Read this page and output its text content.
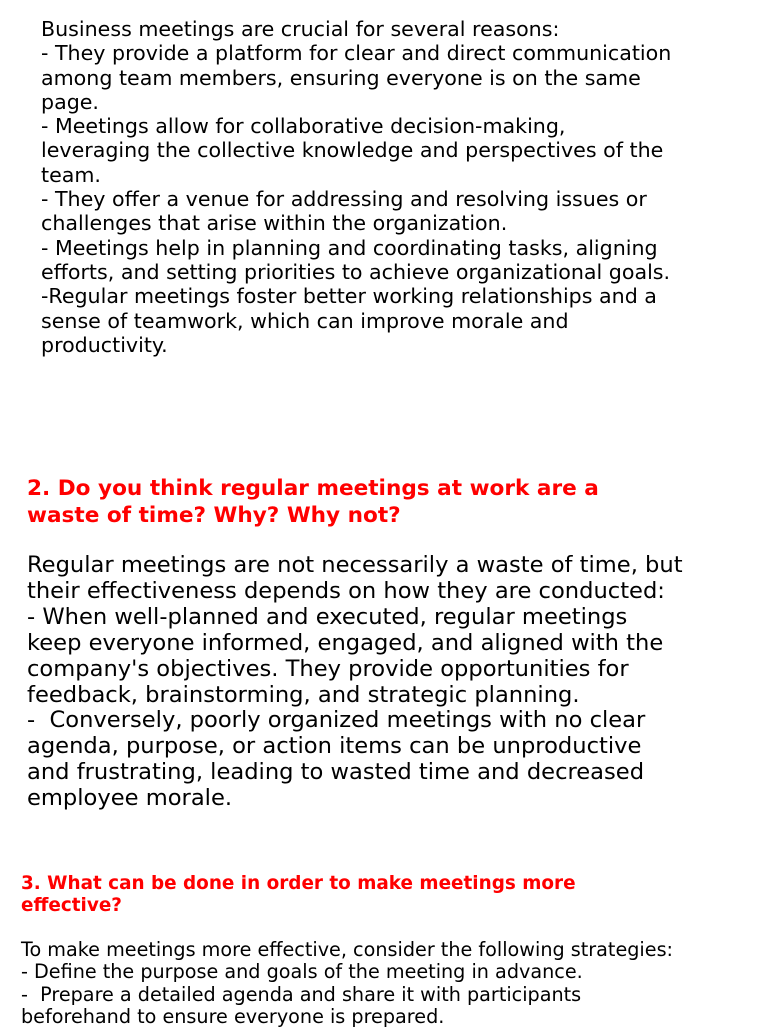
Business meetings are crucial for several reasons:
- They provide a platform for clear and direct communication
among team members, ensuring everyone is on the same
page.
- Meetings allow for collaborative decision-making,
leveraging the collective knowledge and perspectives of the
team.
- They offer a venue for addressing and resolving issues or
challenges that arise within the organization.
- Meetings help in planning and coordinating tasks, aligning
efforts, and setting priorities to achieve organizational goals.
-Regular meetings foster better working relationships and a
sense of teamwork, which can improve morale and
productivity.
2. Do you think regular meetings at work are a
waste of time? Why? Why not?
Regular meetings are not necessarily a waste of time, but
their effectiveness depends on how they are conducted:
- When well-planned and executed, regular meetings
keep everyone informed, engaged, and aligned with the
company's objectives. They provide opportunities for
feedback, brainstorming, and strategic planning.
-  Conversely, poorly organized meetings with no clear
agenda, purpose, or action items can be unproductive
and frustrating, leading to wasted time and decreased
employee morale.
3. What can be done in order to make meetings more
effective?
To make meetings more effective, consider the following strategies:
- Define the purpose and goals of the meeting in advance.
-  Prepare a detailed agenda and share it with participants
beforehand to ensure everyone is prepared.
